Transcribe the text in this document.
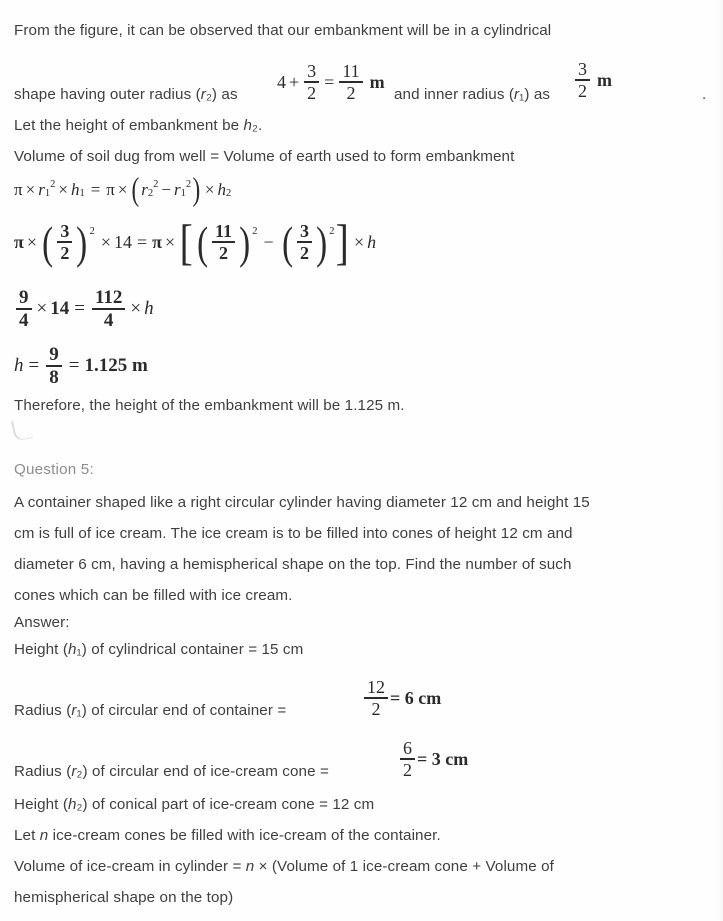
From the figure, it can be observed that our embankment will be in a cylindrical
shape having outer radius (r₂) as
$4 + \frac{3}{2} = \frac{11}{2}$ m
and inner radius (r₁) as $\frac{3}{2}$ m
.
Let the height of embankment be h₂.
Volume of soil dug from well = Volume of earth used to form embankment
π × r 1
2 × h 1 = π × ( r 2
2 − r 1
2 ) × h 2
π × ( $\frac{3}{2}$ ) 2
× 14 = π × [ ( $\frac{11}{2}$ ) 2
− ( $\frac{3}{2}$ ) 2 ] × h
$\frac{9}{4} \times 14 = \frac{112}{4} \times h$
$h = \frac{9}{8} = 1.125$ m
Therefore, the height of the embankment will be 1.125 m.
Question 5:
A container shaped like a right circular cylinder having diameter 12 cm and height 15
cm is full of ice cream. The ice cream is to be filled into cones of height 12 cm and
diameter 6 cm, having a hemispherical shape on the top. Find the number of such
cones which can be filled with ice cream.
Answer:
Height (h₁) of cylindrical container = 15 cm
Radius (r₁) of circular end of container =	$\frac{12}{2} = 6$ cm
Radius (r₂) of circular end of ice-cream cone =	$\frac{6}{2} = 3$ cm
Height (h₂) of conical part of ice-cream cone = 12 cm
Let n ice-cream cones be filled with ice-cream of the container.
Volume of ice-cream in cylinder = n × (Volume of 1 ice-cream cone + Volume of
hemispherical shape on the top)
